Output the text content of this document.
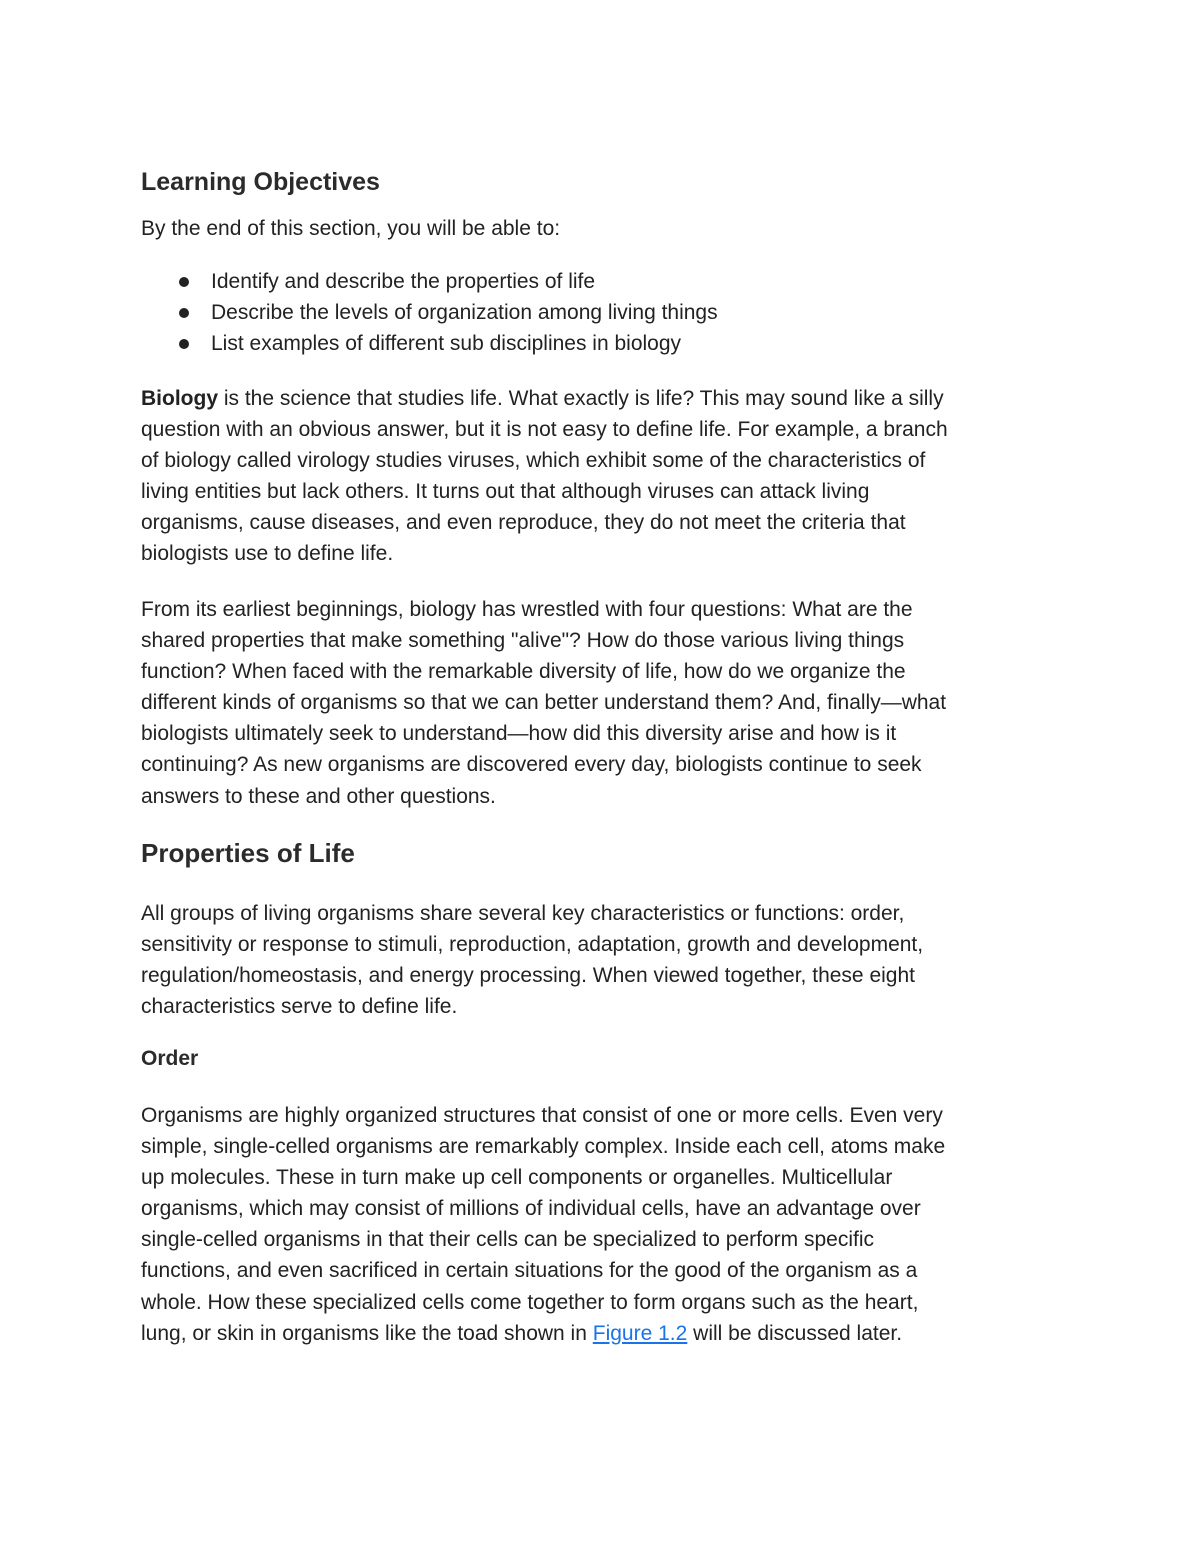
Learning Objectives

By the end of this section, you will be able to:

Identify and describe the properties of life
Describe the levels of organization among living things
List examples of different sub disciplines in biology

Biology is the science that studies life. What exactly is life? This may sound like a silly
question with an obvious answer, but it is not easy to define life. For example, a branch
of biology called virology studies viruses, which exhibit some of the characteristics of
living entities but lack others. It turns out that although viruses can attack living
organisms, cause diseases, and even reproduce, they do not meet the criteria that
biologists use to define life.

From its earliest beginnings, biology has wrestled with four questions: What are the
shared properties that make something "alive"? How do those various living things
function? When faced with the remarkable diversity of life, how do we organize the
different kinds of organisms so that we can better understand them? And, finally—what
biologists ultimately seek to understand—how did this diversity arise and how is it
continuing? As new organisms are discovered every day, biologists continue to seek
answers to these and other questions.

Properties of Life

All groups of living organisms share several key characteristics or functions: order,
sensitivity or response to stimuli, reproduction, adaptation, growth and development,
regulation/homeostasis, and energy processing. When viewed together, these eight
characteristics serve to define life.

Order

Organisms are highly organized structures that consist of one or more cells. Even very
simple, single-celled organisms are remarkably complex. Inside each cell, atoms make
up molecules. These in turn make up cell components or organelles. Multicellular
organisms, which may consist of millions of individual cells, have an advantage over
single-celled organisms in that their cells can be specialized to perform specific
functions, and even sacrificed in certain situations for the good of the organism as a
whole. How these specialized cells come together to form organs such as the heart,
lung, or skin in organisms like the toad shown in Figure 1.2 will be discussed later.
